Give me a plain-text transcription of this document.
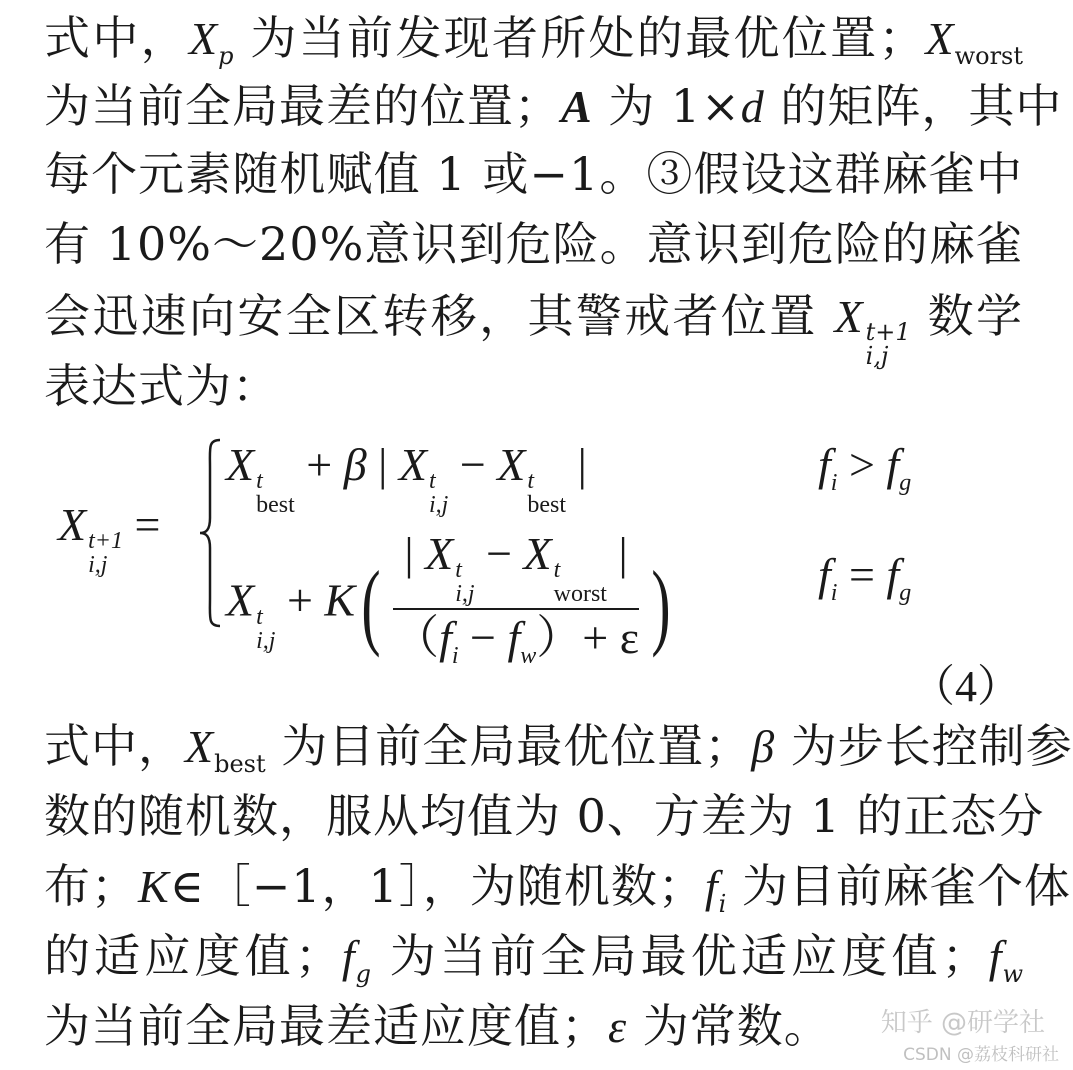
式中，$X_p$ 为当前发现者所处的最优位置；$X_{worst}$
为当前全局最差的位置；A 为 1×d 的矩阵，其中
每个元素随机赋值 1 或−1。③假设这群麻雀中
有 10%～20%意识到危险。意识到危险的麻雀
会迅速向安全区转移，其警戒者位置 X t+1
i,j
数学
表达式为：
X t+1
i,j
=
X t
best
+ β | X t
i,j
− X t
best
|
X t
i,j
+ K( | X t
i,j
− X t
worst
|
$(f_i - f_w)+ \varepsilon$ )
$f_i > f_g$
$f_i = f_g$
（4）
式中，$X_{best}$ 为目前全局最优位置；β 为步长控制参
数的随机数，服从均值为 0、方差为 1 的正态分
布；K∈［−1，1］，为随机数；$f_i$ 为目前麻雀个体
的适应度值；$f_g$ 为当前全局最优适应度值；$f_w$
为当前全局最差适应度值；ε 为常数。	知乎 @研学社
CSDN @荔枝科研社
